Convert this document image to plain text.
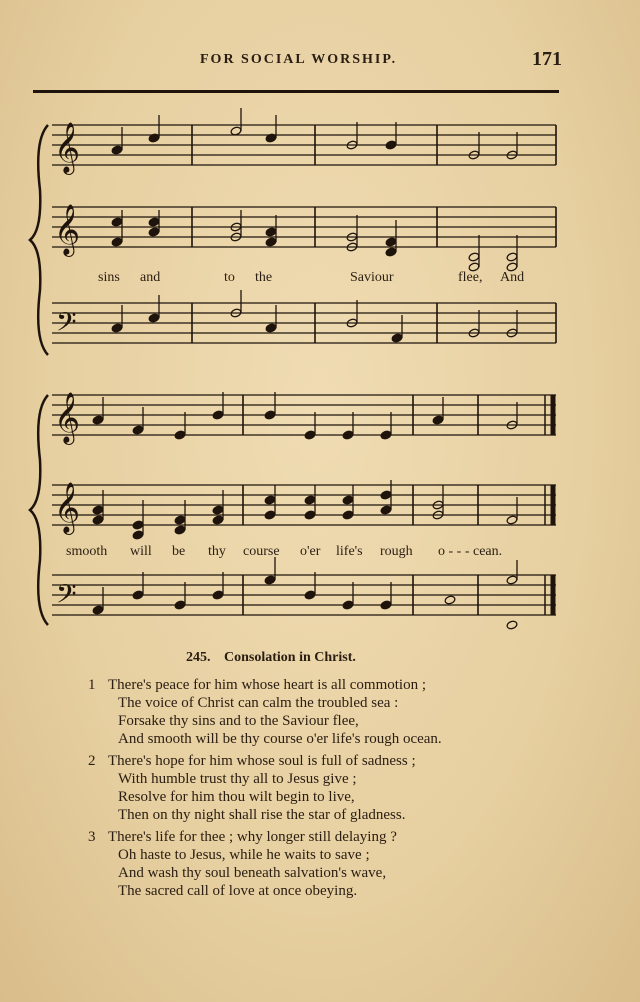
FOR SOCIAL WORSHIP.	171
𝄞
𝄞
𝄢
𝄞
𝄞
𝄢
sins and	to the	Saviour	flee, And
smooth will be thy course o'er life's rough o - - - cean.
245. Consolation in Christ.
1 There's peace for him whose heart is all commotion ;
The voice of Christ can calm the troubled sea :
Forsake thy sins and to the Saviour flee,
And smooth will be thy course o'er life's rough ocean.
2 There's hope for him whose soul is full of sadness ;
With humble trust thy all to Jesus give ;
Resolve for him thou wilt begin to live,
Then on thy night shall rise the star of gladness.
3 There's life for thee ; why longer still delaying ?
Oh haste to Jesus, while he waits to save ;
And wash thy soul beneath salvation's wave,
The sacred call of love at once obeying.
